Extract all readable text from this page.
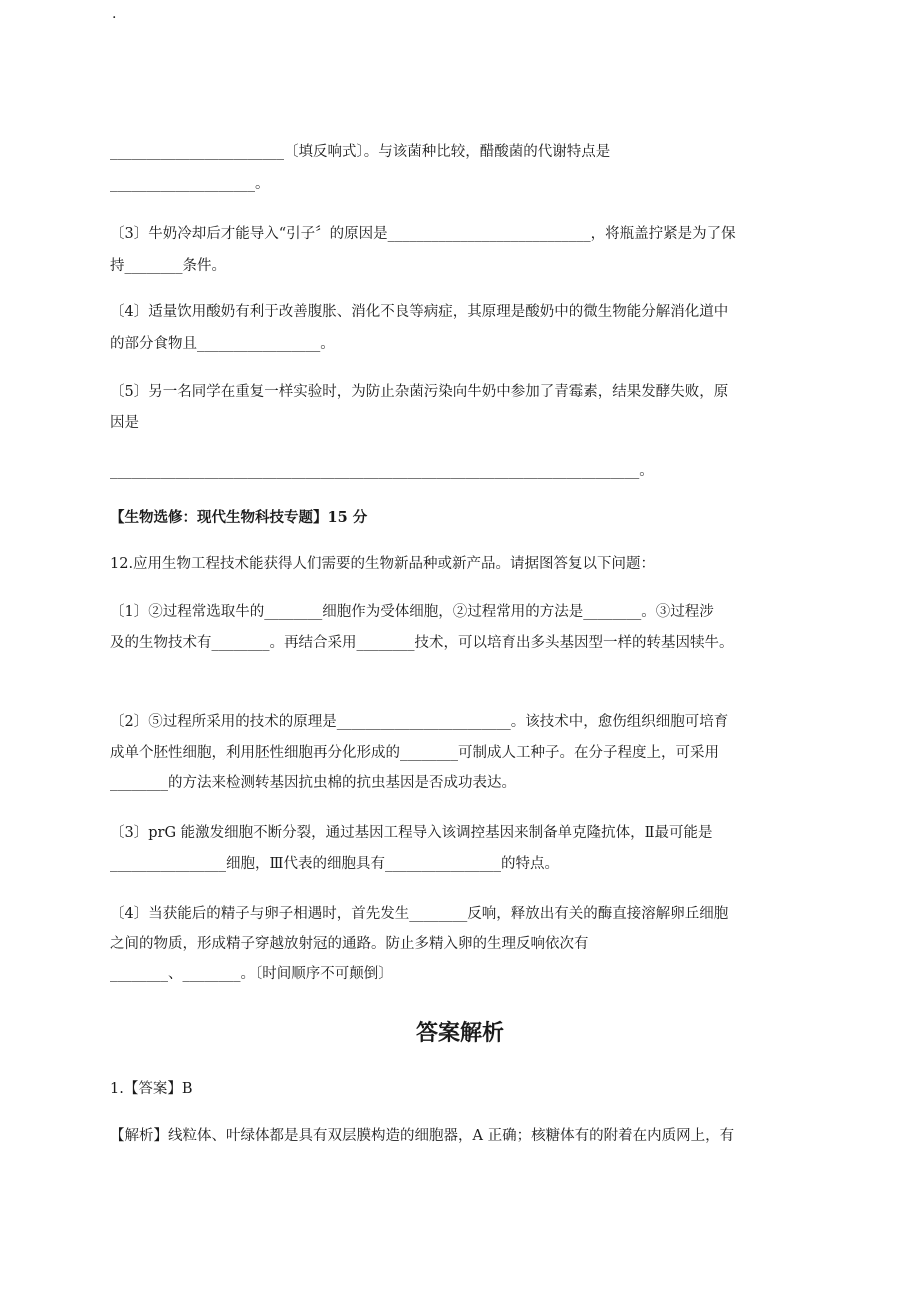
.
________________________〔填反响式〕。与该菌种比较，醋酸菌的代谢特点是
____________________。
〔3〕牛奶冷却后才能导入“引子〞的原因是____________________________，将瓶盖拧紧是为了保
持________条件。
〔4〕适量饮用酸奶有利于改善腹胀、消化不良等病症，其原理是酸奶中的微生物能分解消化道中
的部分食物且_________________。
〔5〕另一名同学在重复一样实验时，为防止杂菌污染向牛奶中参加了青霉素，结果发酵失败，原
因是
_________________________________________________________________________。
【生物选修：现代生物科技专题】15 分
12.应用生物工程技术能获得人们需要的生物新品种或新产品。请据图答复以下问题：
〔1〕②过程常选取牛的________细胞作为受体细胞，②过程常用的方法是________。③过程涉
及的生物技术有________。再结合采用________技术，可以培育出多头基因型一样的转基因犊牛。
〔2〕⑤过程所采用的技术的原理是________________________。该技术中，愈伤组织细胞可培育
成单个胚性细胞，利用胚性细胞再分化形成的________可制成人工种子。在分子程度上，可采用
________的方法来检测转基因抗虫棉的抗虫基因是否成功表达。
〔3〕prG 能激发细胞不断分裂，通过基因工程导入该调控基因来制备单克隆抗体，Ⅱ最可能是
________________细胞，Ⅲ代表的细胞具有________________的特点。
〔4〕当获能后的精子与卵子相遇时，首先发生________反响，释放出有关的酶直接溶解卵丘细胞
之间的物质，形成精子穿越放射冠的通路。防止多精入卵的生理反响依次有
________、________。〔时间顺序不可颠倒〕
答案解析
1.【答案】B
【解析】线粒体、叶绿体都是具有双层膜构造的细胞器，A 正确；核糖体有的附着在内质网上，有
